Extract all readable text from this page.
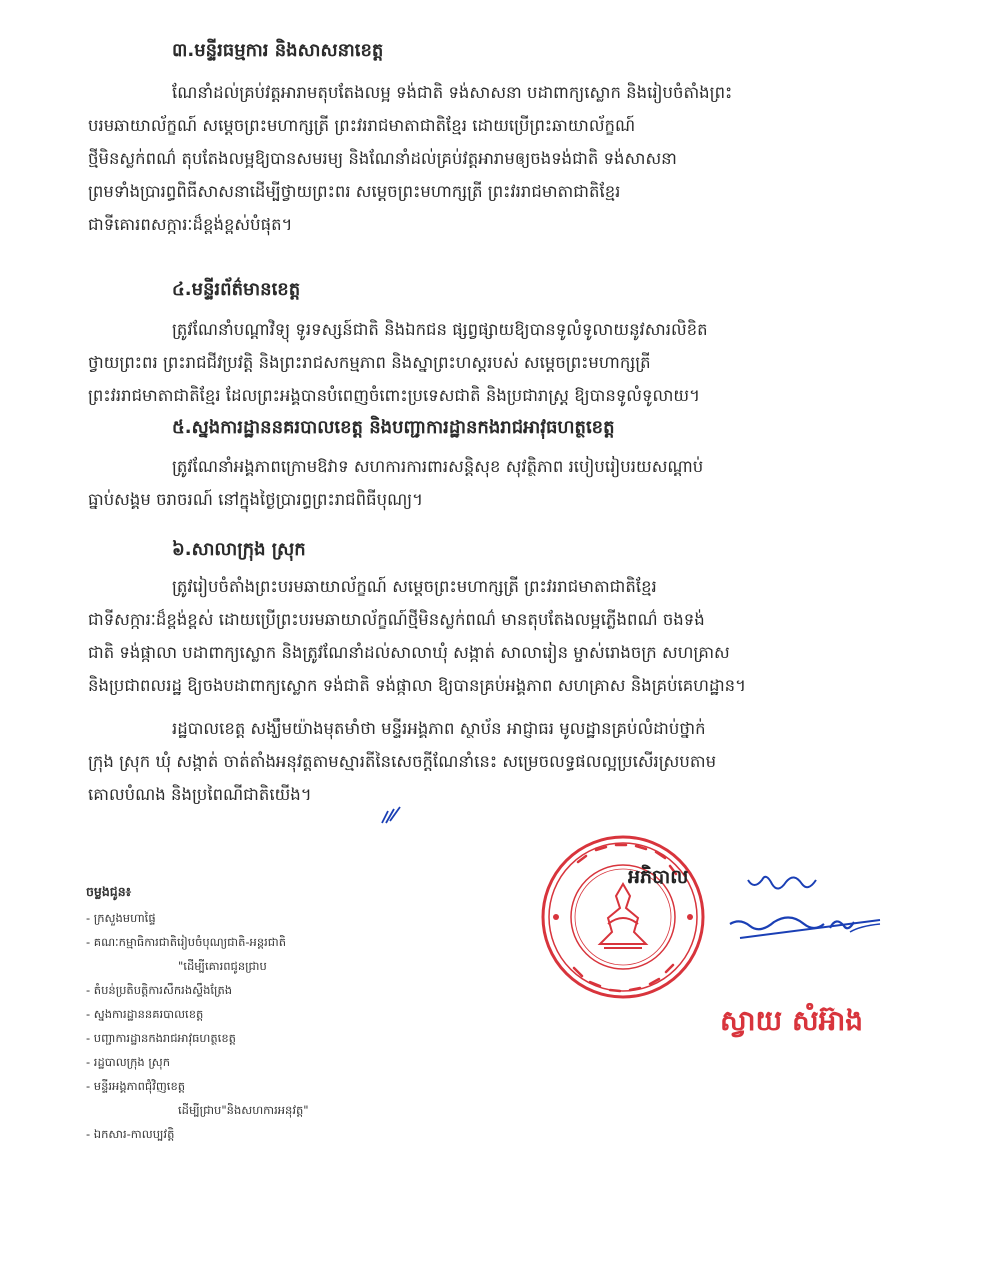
៣.មន្ទីរធម្មការ និងសាសនាខេត្ត
ណែនាំដល់គ្រប់វត្តអារាមតុបតែងលម្អ ទង់ជាតិ ទង់សាសនា បដាពាក្យស្លោក និងរៀបចំតាំងព្រះ
បរមឆាយាល័ក្ខណ៍ សម្តេចព្រះមហាក្សត្រី ព្រះវររាជមាតាជាតិខ្មែរ ដោយប្រើព្រះឆាយាល័ក្ខណ៍
ថ្មីមិនស្លក់ពណ៌ តុបតែងលម្អឱ្យបានសមរម្យ និងណែនាំដល់គ្រប់វត្តអារាមឲ្យចងទង់ជាតិ ទង់សាសនា
ព្រមទាំងប្រារព្ធពិធីសាសនាដើម្បីថ្វាយព្រះពរ សម្តេចព្រះមហាក្សត្រី ព្រះវររាជមាតាជាតិខ្មែរ
ជាទីគោរពសក្ការៈដ៏ខ្ពង់ខ្ពស់បំផុត។
៤.មន្ទីរព័ត៌មានខេត្ត
ត្រូវណែនាំបណ្តាវិទ្យុ ទូរទស្សន៍ជាតិ និងឯកជន ផ្សព្វផ្សាយឱ្យបានទូលំទូលាយនូវសារលិខិត
ថ្វាយព្រះពរ ព្រះរាជជីវប្រវត្តិ និងព្រះរាជសកម្មភាព និងស្នាព្រះហស្តរបស់ សម្តេចព្រះមហាក្សត្រី
ព្រះវររាជមាតាជាតិខ្មែរ ដែលព្រះអង្គបានបំពេញចំពោះប្រទេសជាតិ និងប្រជារាស្ត្រ ឱ្យបានទូលំទូលាយ។
៥.ស្នងការដ្ឋាននគរបាលខេត្ត និងបញ្ជាការដ្ឋានកងរាជអាវុធហត្ថខេត្ត
ត្រូវណែនាំអង្គភាពក្រោមឱវាទ សហការការពារសន្តិសុខ សុវត្ថិភាព របៀបរៀបរយសណ្តាប់
ធ្នាប់សង្គម ចរាចរណ៍ នៅក្នុងថ្ងៃប្រារព្ធព្រះរាជពិធីបុណ្យ។
៦.សាលាក្រុង ស្រុក
ត្រូវរៀបចំតាំងព្រះបរមឆាយាល័ក្ខណ៍ សម្តេចព្រះមហាក្សត្រី ព្រះវររាជមាតាជាតិខ្មែរ
ជាទីសក្ការៈដ៏ខ្ពង់ខ្ពស់ ដោយប្រើព្រះបរមឆាយាល័ក្ខណ៍ថ្មីមិនស្លក់ពណ៌ មានតុបតែងលម្អភ្លើងពណ៌ ចងទង់
ជាតិ ទង់ផ្កាលា បដាពាក្យស្លោក និងត្រូវណែនាំដល់សាលាឃុំ សង្កាត់ សាលារៀន ម្ចាស់រោងចក្រ សហគ្រាស
និងប្រជាពលរដ្ឋ ឱ្យចងបដាពាក្យស្លោក ទង់ជាតិ ទង់ផ្កាលា ឱ្យបានគ្រប់អង្គភាព សហគ្រាស និងគ្រប់គេហដ្ឋាន។
រដ្ឋបាលខេត្ត សង្ឃឹមយ៉ាងមុតមាំថា មន្ទីរអង្គភាព ស្ថាប័ន អាជ្ញាធរ មូលដ្ឋានគ្រប់លំដាប់ថ្នាក់
ក្រុង ស្រុក ឃុំ សង្កាត់ ចាត់តាំងអនុវត្តតាមស្មារតីនៃសេចក្តីណែនាំនេះ សម្រេចលទ្ធផលល្អប្រសើរស្របតាម
គោលបំណង និងប្រពៃណីជាតិយើង។
ចម្លងជូន៖
- ក្រសួងមហាផ្ទៃ
- គណៈកម្មាធិការជាតិរៀបចំបុណ្យជាតិ-អន្តរជាតិ
"ដើម្បីគោរពជូនជ្រាប
- តំបន់ប្រតិបត្តិការសឹករងស្ទឹងត្រែង
- ស្នងការដ្ឋាននគរបាលខេត្ត
- បញ្ជាការដ្ឋានកងរាជអាវុធហត្ថខេត្ត
- រដ្ឋបាលក្រុង ស្រុក
- មន្ទីរអង្គភាពជុំវិញខេត្ត
ដើម្បីជ្រាប"និងសហការអនុវត្ត"
- ឯកសារ-កាលប្បវត្តិ
អភិបាល
ស្វាយ សំអ៊ាង
